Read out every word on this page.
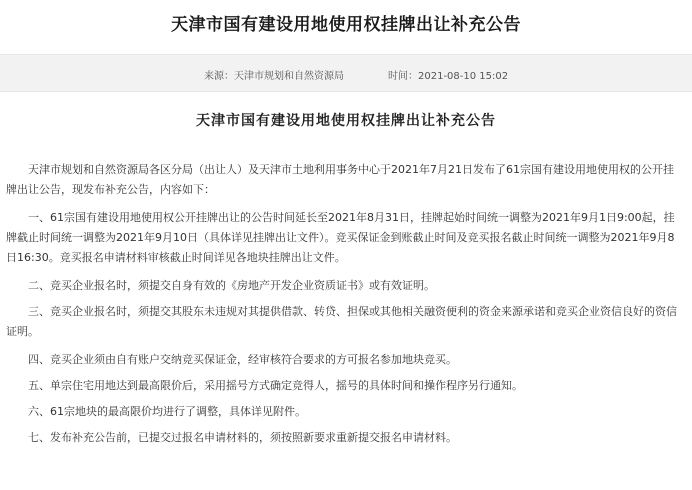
天津市国有建设用地使用权挂牌出让补充公告
来源：天津市规划和自然资源局	时间：2021-08-10 15:02
天津市国有建设用地使用权挂牌出让补充公告

天津市规划和自然资源局各区分局（出让人）及天津市土地利用事务中心于2021年7月21日发布了61宗国有建设用地使用权的公开挂牌出让公告，现发布补充公告，内容如下：

一、61宗国有建设用地使用权公开挂牌出让的公告时间延长至2021年8月31日，挂牌起始时间统一调整为2021年9月1日9:00起，挂牌截止时间统一调整为2021年9月10日（具体详见挂牌出让文件）。竞买保证金到账截止时间及竞买报名截止时间统一调整为2021年9月8日16:30。竞买报名申请材料审核截止时间详见各地块挂牌出让文件。

二、竞买企业报名时，须提交自身有效的《房地产开发企业资质证书》或有效证明。

三、竞买企业报名时，须提交其股东未违规对其提供借款、转贷、担保或其他相关融资便利的资金来源承诺和竞买企业资信良好的资信证明。

四、竞买企业须由自有账户交纳竞买保证金，经审核符合要求的方可报名参加地块竞买。

五、单宗住宅用地达到最高限价后，采用摇号方式确定竞得人，摇号的具体时间和操作程序另行通知。

六、61宗地块的最高限价均进行了调整，具体详见附件。

七、发布补充公告前，已提交过报名申请材料的，须按照新要求重新提交报名申请材料。
